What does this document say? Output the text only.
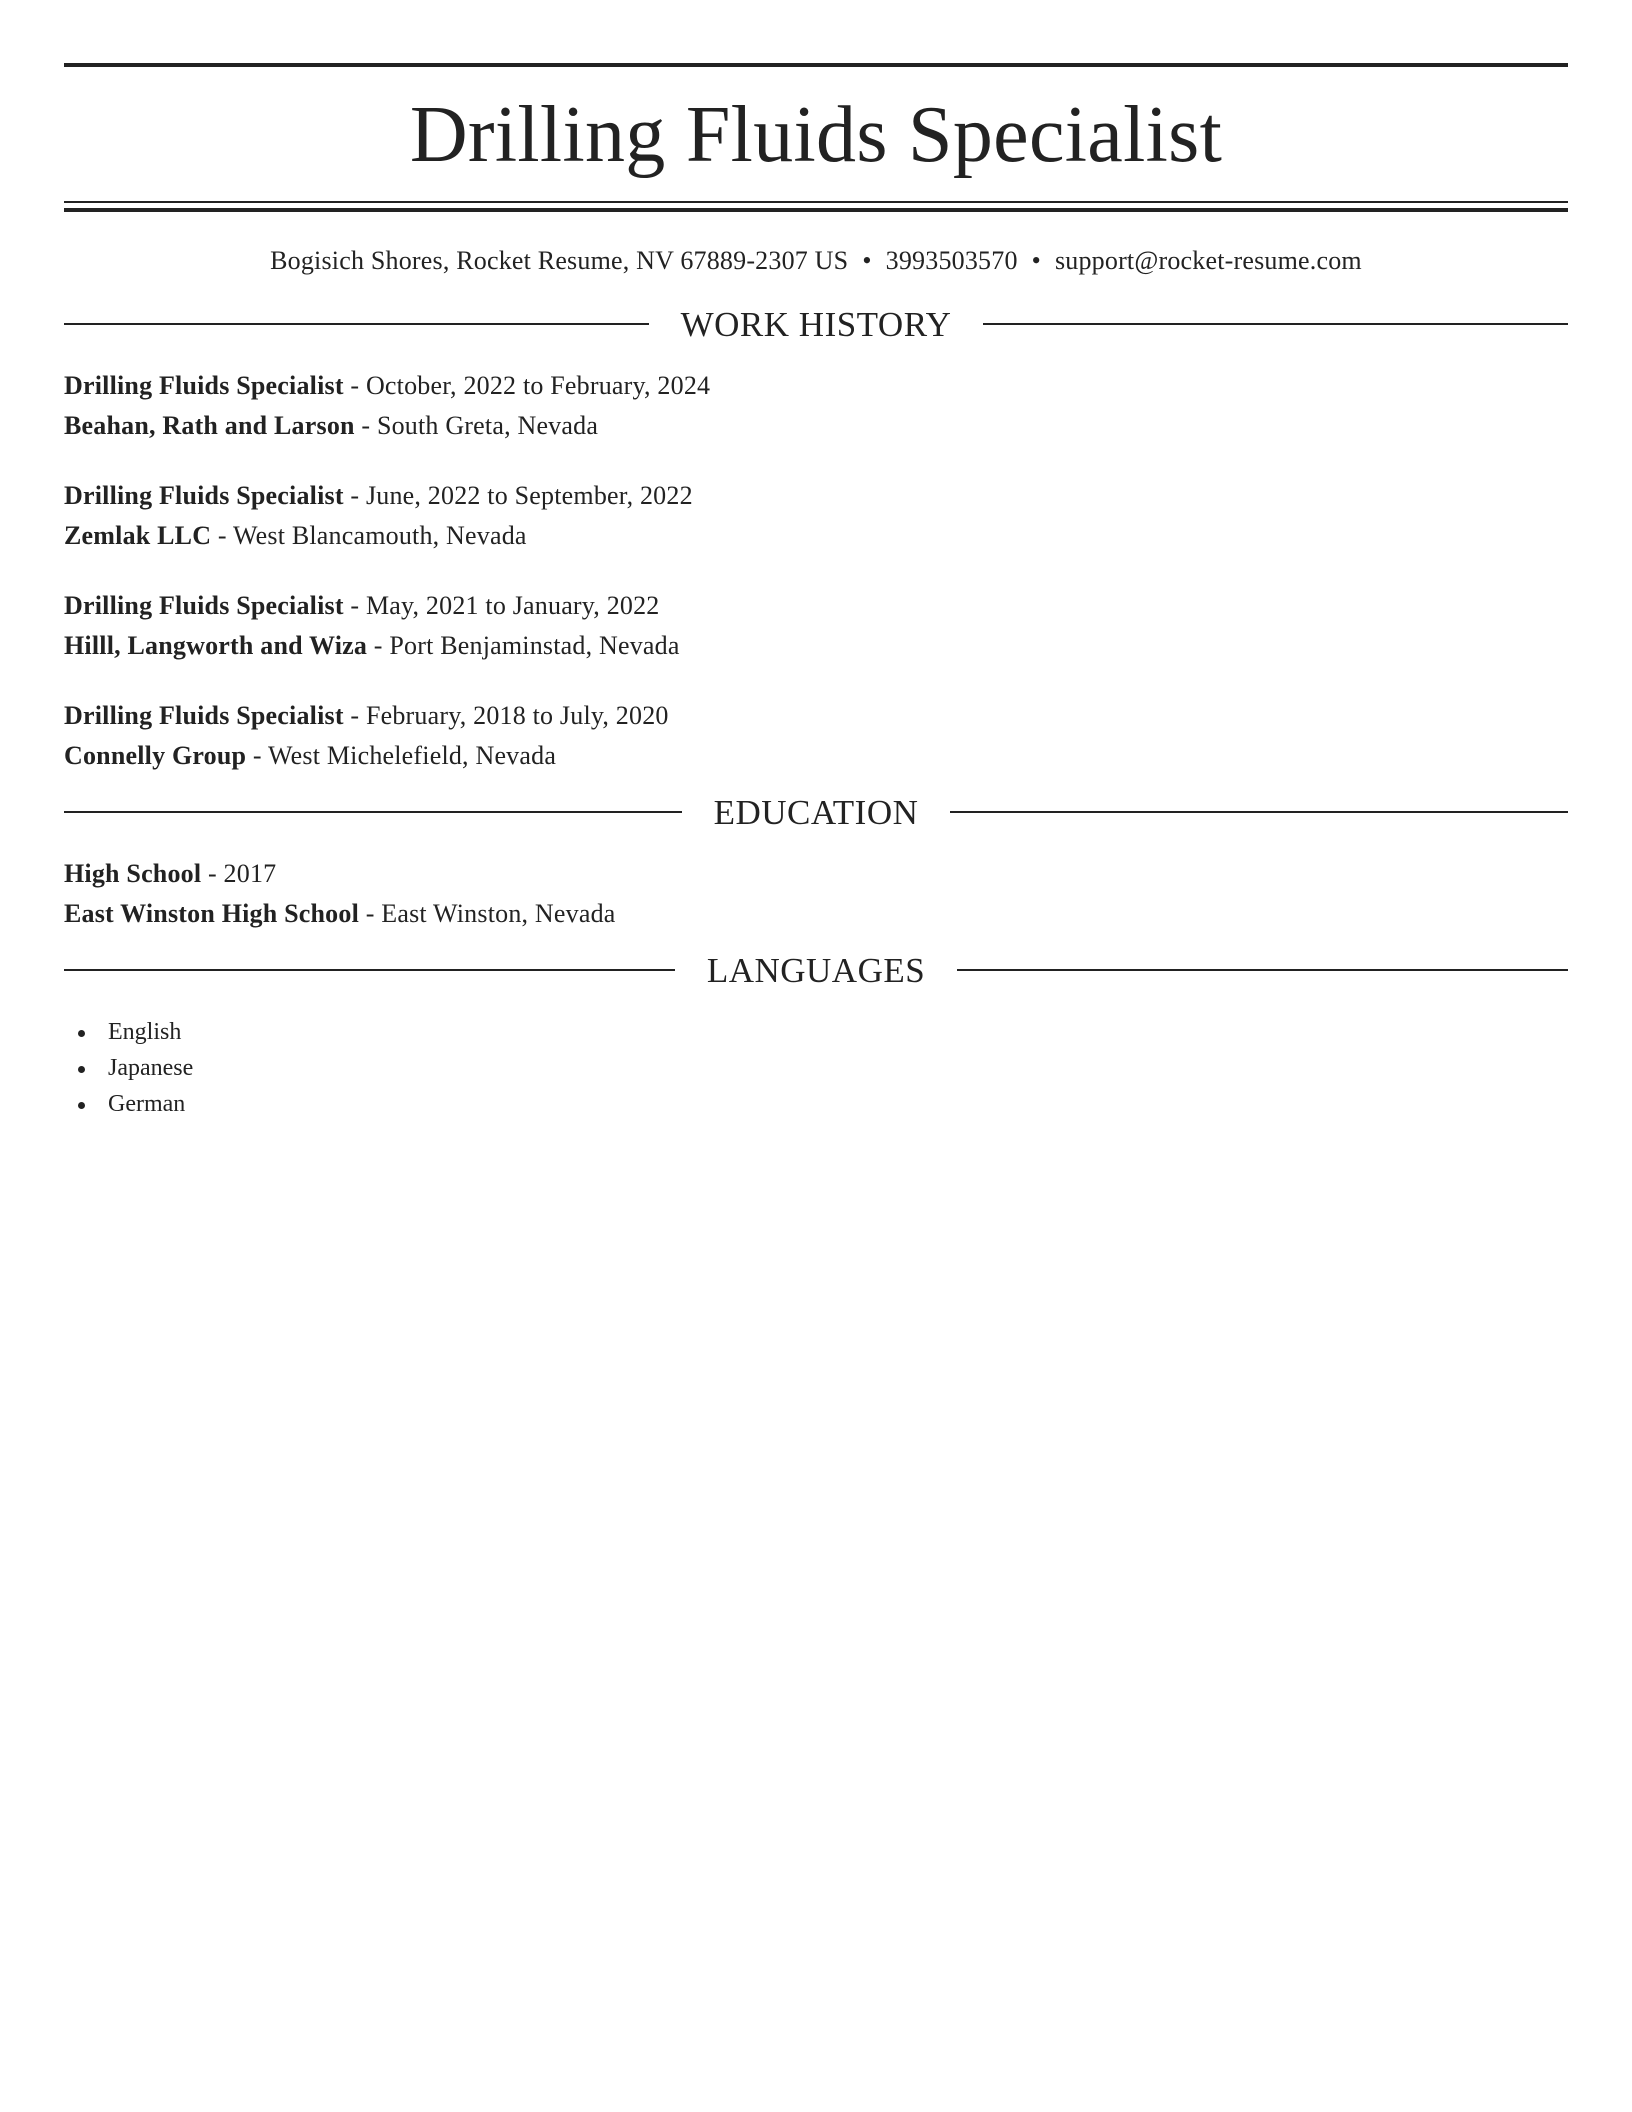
Drilling Fluids Specialist
Bogisich Shores, Rocket Resume, NV 67889-2307 US • 3993503570 • support@rocket-resume.com
WORK HISTORY
Drilling Fluids Specialist - October, 2022 to February, 2024
Beahan, Rath and Larson - South Greta, Nevada
Drilling Fluids Specialist - June, 2022 to September, 2022
Zemlak LLC - West Blancamouth, Nevada
Drilling Fluids Specialist - May, 2021 to January, 2022
Hilll, Langworth and Wiza - Port Benjaminstad, Nevada
Drilling Fluids Specialist - February, 2018 to July, 2020
Connelly Group - West Michelefield, Nevada
EDUCATION
High School - 2017
East Winston High School - East Winston, Nevada
LANGUAGES
English
Japanese
German
